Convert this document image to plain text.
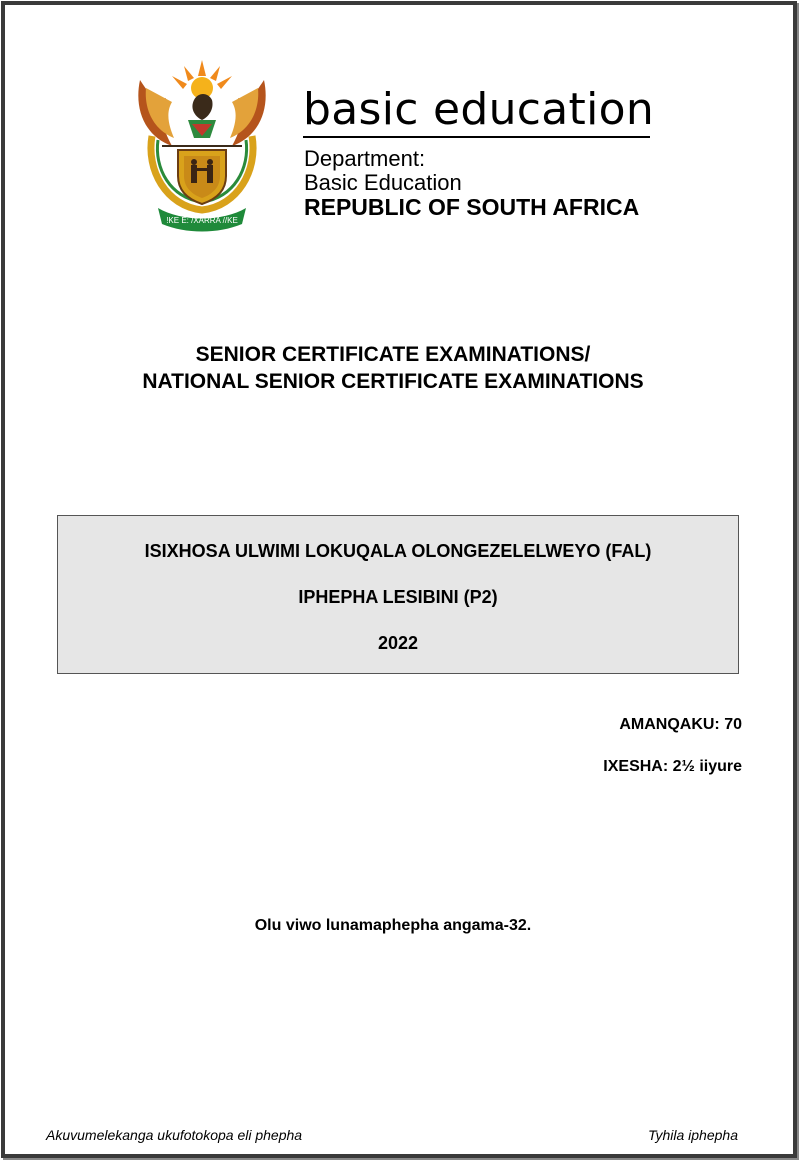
!KE E: /XARRA //KE
basic education
Department:
Basic Education
REPUBLIC OF SOUTH AFRICA
SENIOR CERTIFICATE EXAMINATIONS/
NATIONAL SENIOR CERTIFICATE EXAMINATIONS
ISIXHOSA ULWIMI LOKUQALA OLONGEZELELWEYO (FAL)
IPHEPHA LESIBINI (P2)
2022
AMANQAKU: 70
IXESHA: 2½ iiyure
Olu viwo lunamaphepha angama-32.
Akuvumelekanga ukufotokopa eli phepha	Tyhila iphepha
